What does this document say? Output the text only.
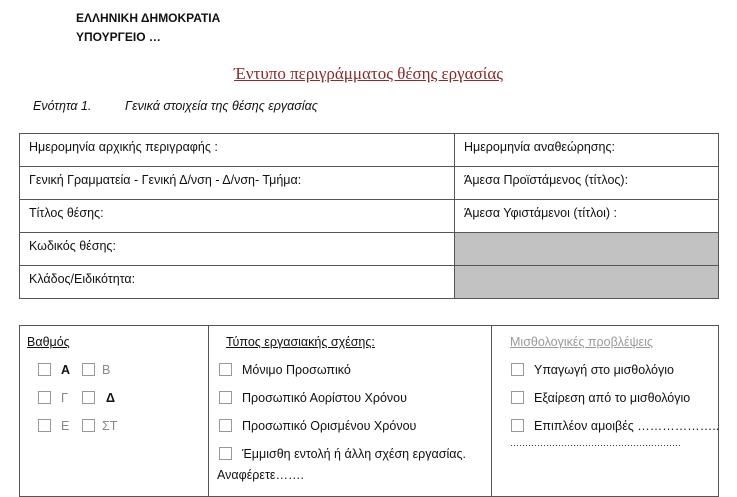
ΕΛΛΗΝΙΚΗ ΔΗΜΟΚΡΑΤΙΑ
ΥΠΟΥΡΓΕΙΟ …
Έντυπο περιγράμματος θέσης εργασίας
Ενότητα 1.	Γενικά στοιχεία της θέσης εργασίας
Ημερομηνία αρχικής περιγραφής :	Ημερομηνία αναθεώρησης:
Γενική Γραμματεία - Γενική Δ/νση - Δ/νση- Τμήμα:	Άμεσα Προϊστάμενος (τίτλος):
Τίτλος θέσης:	Άμεσα Υφιστάμενοι (τίτλοι) :
Κωδικός θέσης:	
Κλάδος/Ειδικότητα:	
Βαθμός
Α	Β
Γ	Δ
Ε	ΣΤ

Τύπος εργασιακής σχέσης:
Μόνιμο Προσωπικό
Προσωπικό Αορίστου Χρόνου
Προσωπικό Ορισμένου Χρόνου
Έμμισθη εντολή ή άλλη σχέση εργασίας.
Αναφέρετε…….

Μισθολογικές προβλέψεις
Υπαγωγή στο μισθολόγιο
Εξαίρεση από το μισθολόγιο
Επιπλέον αμοιβές ………………..
…………………………………………………
